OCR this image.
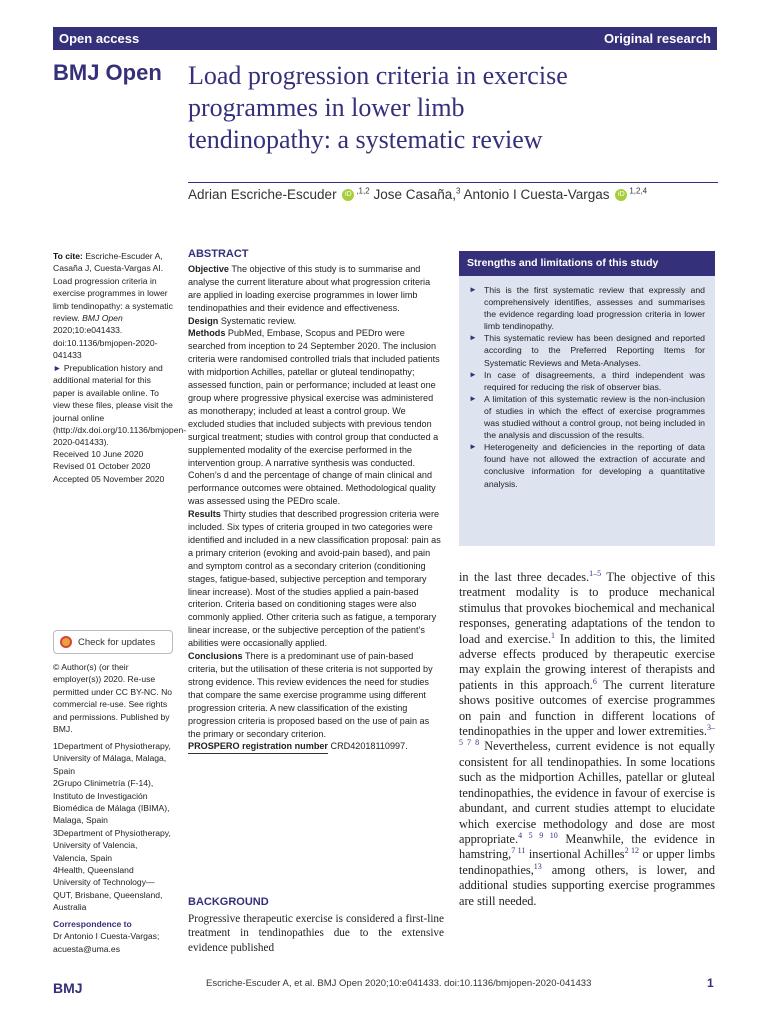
Open access	Original research
BMJ Open Load progression criteria in exercise
programmes in lower limb
tendinopathy: a systematic review
Adrian Escriche-Escuder iD $^{,1,2}$ Jose Casaña,$^3$ Antonio I Cuesta-Vargas iD $^{1,2,4}$

To cite: Escriche-Escuder A, Casaña J, Cuesta-Vargas AI. Load progression criteria in exercise programmes in lower limb tendinopathy: a systematic review. BMJ Open 2020;10:e041433. doi:10.1136/bmjopen-2020-041433

► Prepublication history and additional material for this paper is available online. To view these files, please visit the journal online (http://dx.doi.org/10.1136/bmjopen-2020-041433).

Received 10 June 2020

Revised 01 October 2020

Accepted 05 November 2020

Check for updates

© Author(s) (or their employer(s)) 2020. Re-use permitted under CC BY-NC. No commercial re-use. See rights and permissions. Published by BMJ.

1Department of Physiotherapy, University of Málaga, Malaga, Spain

2Grupo Clinimetría (F-14), Instituto de Investigación Biomédica de Málaga (IBIMA), Malaga, Spain

3Department of Physiotherapy, University of Valencia, Valencia, Spain

4Health, Queensland University of Technology—QUT, Brisbane, Queensland, Australia

Correspondence to

Dr Antonio I Cuesta-Vargas;

acuesta@uma.es

ABSTRACT

Objective The objective of this study is to summarise and analyse the current literature about what progression criteria are applied in loading exercise programmes in lower limb tendinopathies and their evidence and effectiveness.

Design Systematic review.

Methods PubMed, Embase, Scopus and PEDro were searched from inception to 24 September 2020. The inclusion criteria were randomised controlled trials that included patients with midportion Achilles, patellar or gluteal tendinopathy; assessed function, pain or performance; included at least one group where progressive physical exercise was administered as monotherapy; included at least a control group. We excluded studies that included subjects with previous tendon surgical treatment; studies with control group that conducted a supplemented modality of the exercise performed in the intervention group. A narrative synthesis was conducted. Cohen’s d and the percentage of change of main clinical and performance outcomes were obtained. Methodological quality was assessed using the PEDro scale.

Results Thirty studies that described progression criteria were included. Six types of criteria grouped in two categories were identified and included in a new classification proposal: pain as a primary criterion (evoking and avoid-pain based), and pain and symptom control as a secondary criterion (conditioning stages, fatigue-based, subjective perception and temporary linear increase). Most of the studies applied a pain-based criterion. Criteria based on conditioning stages were also commonly applied. Other criteria such as fatigue, a temporary linear increase, or the subjective perception of the patient’s abilities were occasionally applied.

Conclusions There is a predominant use of pain-based criteria, but the utilisation of these criteria is not supported by strong evidence. This review evidences the need for studies that compare the same exercise programme using different progression criteria. A new classification of the existing progression criteria is proposed based on the use of pain as the primary or secondary criterion.

PROSPERO registration number CRD42018110997.

BACKGROUND

Progressive therapeutic exercise is considered a first-line treatment in tendinopathies due to the extensive evidence published

Strengths and limitations of this study
► This is the first systematic review that expressly and comprehensively identifies, assesses and summarises the evidence regarding load progression criteria in lower limb tendinopathy.
► This systematic review has been designed and reported according to the Preferred Reporting Items for Systematic Reviews and Meta-Analyses.
► In case of disagreements, a third independent was required for reducing the risk of observer bias.
► A limitation of this systematic review is the non-inclusion of studies in which the effect of exercise programmes was studied without a control group, not being included in the analysis and discussion of the results.
► Heterogeneity and deficiencies in the reporting of data found have not allowed the extraction of accurate and conclusive information for developing a quantitative analysis.

in the last three decades.$^{1-5}$ The objective of this treatment modality is to produce mechanical stimulus that provokes biochemical and mechanical responses, generating adaptations of the tendon to load and exercise.$^1$ In addition to this, the limited adverse effects produced by therapeutic exercise may explain the growing interest of therapists and patients in this approach.$^6$ The current literature shows positive outcomes of exercise programmes on pain and function in different locations of tendinopathies in the upper and lower extremities.$^{3-5 7 8}$ Nevertheless, current evidence is not equally consistent for all tendinopathies. In some locations such as the midportion Achilles, patellar or gluteal tendinopathies, the evidence in favour of exercise is abundant, and current studies attempt to elucidate which exercise methodology and dose are most appropriate.$^{4 5 9 10}$ Meanwhile, the evidence in hamstring,$^{7 11}$ insertional Achilles$^{2 12}$ or upper limbs tendinopathies,$^{13}$ among others, is lower, and additional studies supporting exercise programmes are still needed.

BMJ	Escriche-Escuder A, et al. BMJ Open 2020;10:e041433. doi:10.1136/bmjopen-2020-041433	1
